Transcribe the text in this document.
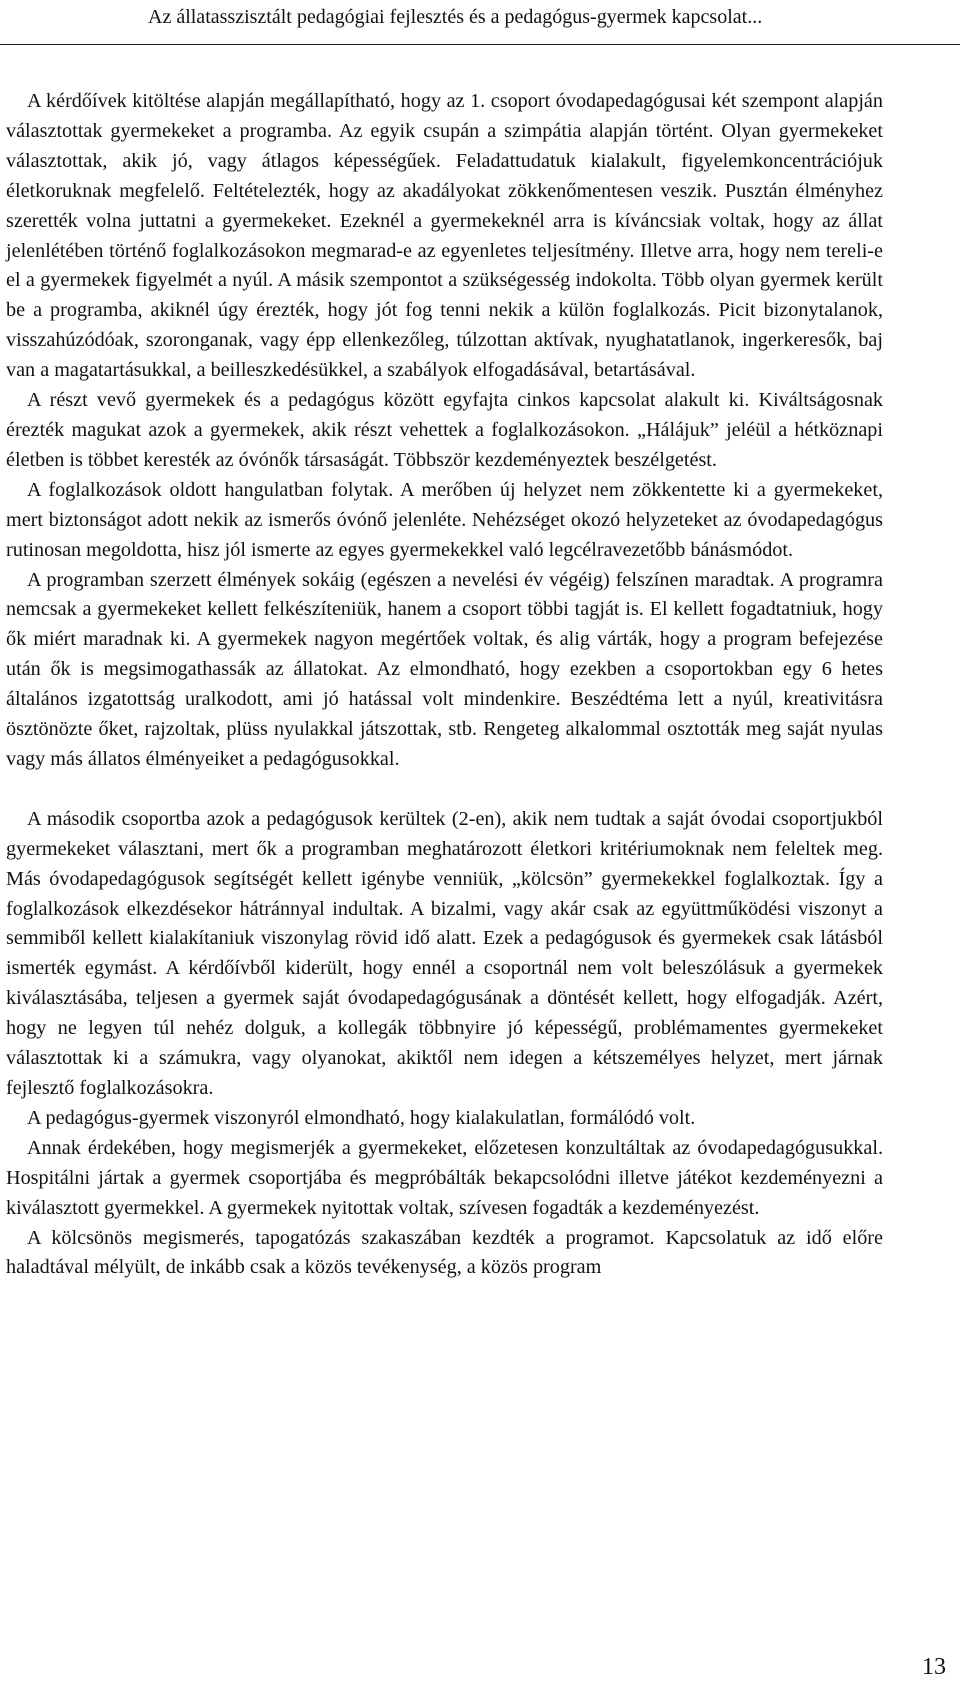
Az állatasszisztált pedagógiai fejlesztés és a pedagógus-gyermek kapcsolat...

A kérdőívek kitöltése alapján megállapítható, hogy az 1. csoport óvodapedagógusai két szempont alapján választottak gyermekeket a programba. Az egyik csupán a szimpátia alapján történt. Olyan gyermekeket választottak, akik jó, vagy átlagos képességűek. Feladattudatuk kialakult, figyelemkoncentrációjuk életkoruknak megfelelő. Feltételezték, hogy az akadályokat zökkenőmentesen veszik. Pusztán élményhez szerették volna juttatni a gyermekeket. Ezeknél a gyermekeknél arra is kíváncsiak voltak, hogy az állat jelenlétében történő foglalkozásokon megmarad-e az egyenletes teljesítmény. Illetve arra, hogy nem tereli-e el a gyermekek figyelmét a nyúl. A másik szempontot a szükségesség indokolta. Több olyan gyermek került be a programba, akiknél úgy érezték, hogy jót fog tenni nekik a külön foglalkozás. Picit bizonytalanok, visszahúzódóak, szoronganak, vagy épp ellenkezőleg, túlzottan aktívak, nyughatatlanok, ingerkeresők, baj van a magatartásukkal, a beilleszkedésükkel, a szabályok elfogadásával, betartásával.

A részt vevő gyermekek és a pedagógus között egyfajta cinkos kapcsolat alakult ki. Kiváltságosnak érezték magukat azok a gyermekek, akik részt vehettek a foglalkozásokon. „Hálájuk” jeléül a hétköznapi életben is többet keresték az óvónők társaságát. Többször kezdeményeztek beszélgetést.

A foglalkozások oldott hangulatban folytak. A merőben új helyzet nem zökkentette ki a gyermekeket, mert biztonságot adott nekik az ismerős óvónő jelenléte. Nehézséget okozó helyzeteket az óvodapedagógus rutinosan megoldotta, hisz jól ismerte az egyes gyermekekkel való legcélravezetőbb bánásmódot.

A programban szerzett élmények sokáig (egészen a nevelési év végéig) felszínen maradtak. A programra nemcsak a gyermekeket kellett felkészíteniük, hanem a csoport többi tagját is. El kellett fogadtatniuk, hogy ők miért maradnak ki. A gyermekek nagyon megértőek voltak, és alig várták, hogy a program befejezése után ők is megsimogathassák az állatokat. Az elmondható, hogy ezekben a csoportokban egy 6 hetes általános izgatottság uralkodott, ami jó hatással volt mindenkire. Beszédtéma lett a nyúl, kreativitásra ösztönözte őket, rajzoltak, plüss nyulakkal játszottak, stb. Rengeteg alkalommal osztották meg saját nyulas vagy más állatos élményeiket a pedagógusokkal.

A második csoportba azok a pedagógusok kerültek (2-en), akik nem tudtak a saját óvodai csoportjukból gyermekeket választani, mert ők a programban meghatározott életkori kritériumoknak nem feleltek meg. Más óvodapedagógusok segítségét kellett igénybe venniük, „kölcsön” gyermekekkel foglalkoztak. Így a foglalkozások elkezdésekor hátránnyal indultak. A bizalmi, vagy akár csak az együttműködési viszonyt a semmiből kellett kialakítaniuk viszonylag rövid idő alatt. Ezek a pedagógusok és gyermekek csak látásból ismerték egymást. A kérdőívből kiderült, hogy ennél a csoportnál nem volt beleszólásuk a gyermekek kiválasztásába, teljesen a gyermek saját óvodapedagógusának a döntését kellett, hogy elfogadják. Azért, hogy ne legyen túl nehéz dolguk, a kollegák többnyire jó képességű, problémamentes gyermekeket választottak ki a számukra, vagy olyanokat, akiktől nem idegen a kétszemélyes helyzet, mert járnak fejlesztő foglalkozásokra.

A pedagógus-gyermek viszonyról elmondható, hogy kialakulatlan, formálódó volt.

Annak érdekében, hogy megismerjék a gyermekeket, előzetesen konzultáltak az óvodapedagógusukkal. Hospitálni jártak a gyermek csoportjába és megpróbálták bekapcsolódni illetve játékot kezdeményezni a kiválasztott gyermekkel. A gyermekek nyitottak voltak, szívesen fogadták a kezdeményezést.

A kölcsönös megismerés, tapogatózás szakaszában kezdték a programot. Kapcsolatuk az idő előre haladtával mélyült, de inkább csak a közös tevékenység, a közös program

13
